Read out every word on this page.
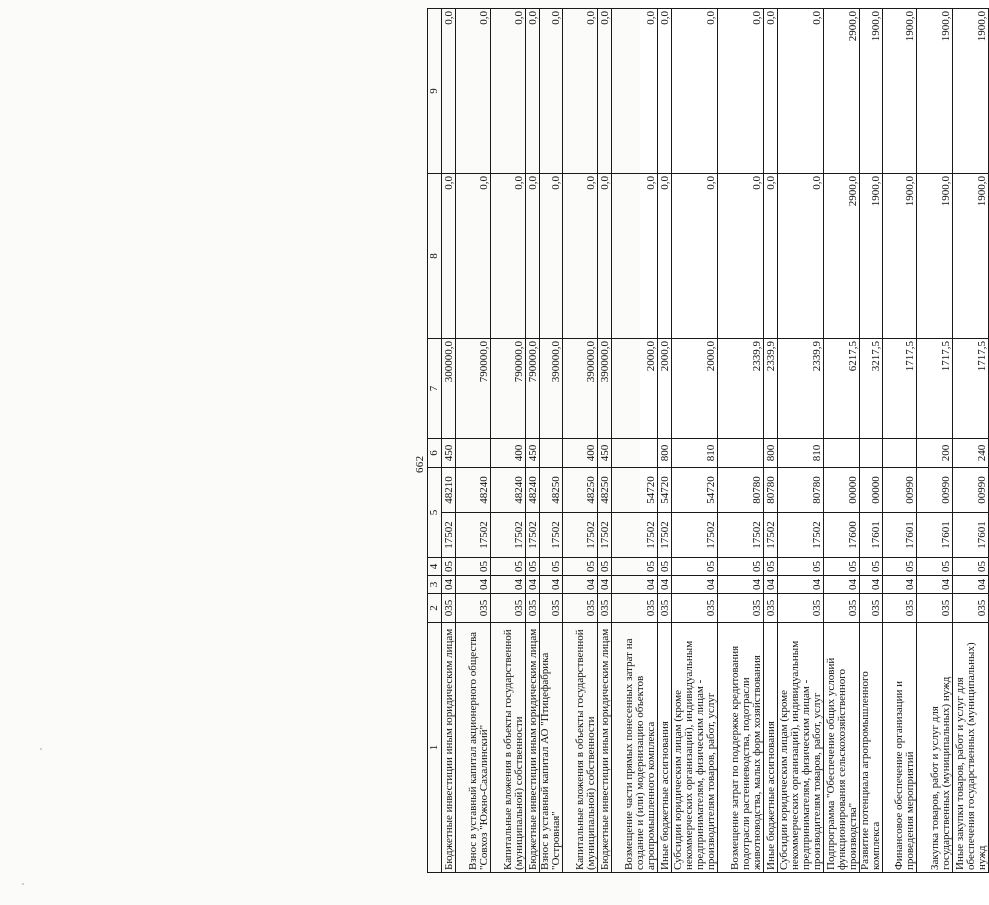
662
1	2	3	4	5		6	7	8	9
Бюджетные инвестиции иным юридическим лицам	035	04	05	17502	48210	450	300000,0	0,0	0,0
Взнос в уставный капитал акционерного общества "Совхоз "Южно-Сахалинский"	035	04	05	17502	48240		790000,0	0,0	0,0
Капитальные вложения в объекты государственной (муниципальной) собственности	035	04	05	17502	48240	400	790000,0	0,0	0,0
Бюджетные инвестиции иным юридическим лицам	035	04	05	17502	48240	450	790000,0	0,0	0,0
Взнос в уставный капитал АО "Птицефабрика "Островная"	035	04	05	17502	48250		390000,0	0,0	0,0
Капитальные вложения в объекты государственной (муниципальной) собственности	035	04	05	17502	48250	400	390000,0	0,0	0,0
Бюджетные инвестиции иным юридическим лицам	035	04	05	17502	48250	450	390000,0	0,0	0,0
Возмещение части прямых понесенных затрат на создание и (или) модернизацию объектов агропромышленного комплекса	035	04	05	17502	54720		2000,0	0,0	0,0
Иные бюджетные ассигнования	035	04	05	17502	54720	800	2000,0	0,0	0,0
Субсидии юридическим лицам (кроме некоммерческих организаций), индивидуальным предпринимателям, физическим лицам - производителям товаров, работ, услуг	035	04	05	17502	54720	810	2000,0	0,0	0,0
Возмещение затрат по поддержке кредитования подотрасли растениеводства, подотрасли животноводства, малых форм хозяйствования	035	04	05	17502	80780		2339,9	0,0	0,0
Иные бюджетные ассигнования	035	04	05	17502	80780	800	2339,9	0,0	0,0
Субсидии юридическим лицам (кроме некоммерческих организаций), индивидуальным предпринимателям, физическим лицам - производителям товаров, работ, услуг	035	04	05	17502	80780	810	2339,9	0,0	0,0
Подпрограмма "Обеспечение общих условий функционирования сельскохозяйственного производства"	035	04	05	17600	00000		6217,5	2900,0	2900,0
Развитие потенциала агропромышленного комплекса	035	04	05	17601	00000		3217,5	1900,0	1900,0
Финансовое обеспечение организации и проведения мероприятий	035	04	05	17601	00990		1717,5	1900,0	1900,0
Закупка товаров, работ и услуг для государственных (муниципальных) нужд	035	04	05	17601	00990	200	1717,5	1900,0	1900,0
Иные закупки товаров, работ и услуг для обеспечения государственных (муниципальных) нужд	035	04	05	17601	00990	240	1717,5	1900,0	1900,0
